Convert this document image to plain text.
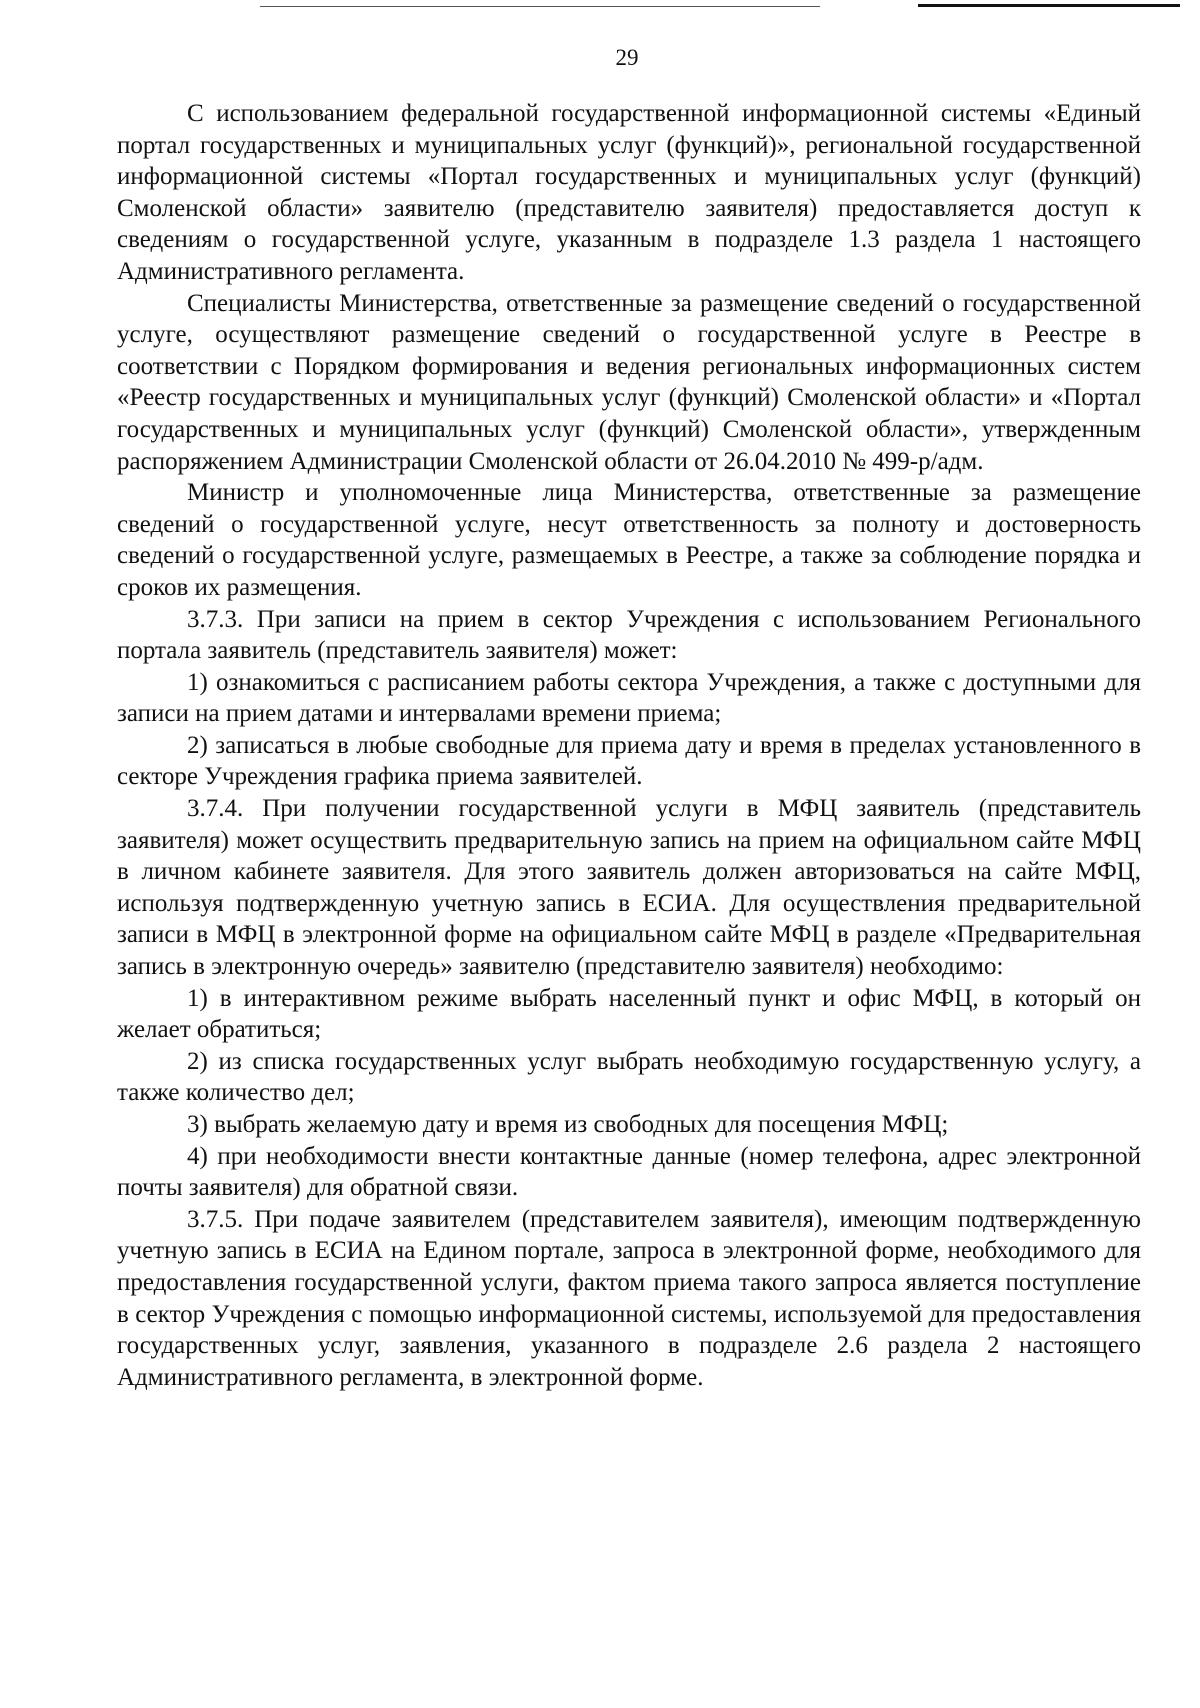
29

С использованием федеральной государственной информационной системы «Единый портал государственных и муниципальных услуг (функций)», региональной государственной информационной системы «Портал государственных и муниципальных услуг (функций) Смоленской области» заявителю (представителю заявителя) предоставляется доступ к сведениям о государственной услуге, указанным в подразделе 1.3 раздела 1 настоящего Административного регламента.

Специалисты Министерства, ответственные за размещение сведений о государственной услуге, осуществляют размещение сведений о государственной услуге в Реестре в соответствии с Порядком формирования и ведения региональных информационных систем «Реестр государственных и муниципальных услуг (функций) Смоленской области» и «Портал государственных и муниципальных услуг (функций) Смоленской области», утвержденным распоряжением Администрации Смоленской области от 26.04.2010 № 499-р/адм.

Министр и уполномоченные лица Министерства, ответственные за размещение сведений о государственной услуге, несут ответственность за полноту и достоверность сведений о государственной услуге, размещаемых в Реестре, а также за соблюдение порядка и сроков их размещения.

3.7.3. При записи на прием в сектор Учреждения с использованием Регионального портала заявитель (представитель заявителя) может:

1) ознакомиться с расписанием работы сектора Учреждения, а также с доступными для записи на прием датами и интервалами времени приема;

2) записаться в любые свободные для приема дату и время в пределах установленного в секторе Учреждения графика приема заявителей.

3.7.4. При получении государственной услуги в МФЦ заявитель (представитель заявителя) может осуществить предварительную запись на прием на официальном сайте МФЦ в личном кабинете заявителя. Для этого заявитель должен авторизоваться на сайте МФЦ, используя подтвержденную учетную запись в ЕСИА. Для осуществления предварительной записи в МФЦ в электронной форме на официальном сайте МФЦ в разделе «Предварительная запись в электронную очередь» заявителю (представителю заявителя) необходимо:

1) в интерактивном режиме выбрать населенный пункт и офис МФЦ, в который он желает обратиться;

2) из списка государственных услуг выбрать необходимую государственную услугу, а также количество дел;

3) выбрать желаемую дату и время из свободных для посещения МФЦ;

4) при необходимости внести контактные данные (номер телефона, адрес электронной почты заявителя) для обратной связи.

3.7.5. При подаче заявителем (представителем заявителя), имеющим подтвержденную учетную запись в ЕСИА на Едином портале, запроса в электронной форме, необходимого для предоставления государственной услуги, фактом приема такого запроса является поступление в сектор Учреждения с помощью информационной системы, используемой для предоставления государственных услуг, заявления, указанного в подразделе 2.6 раздела 2 настоящего Административного регламента, в электронной форме.
